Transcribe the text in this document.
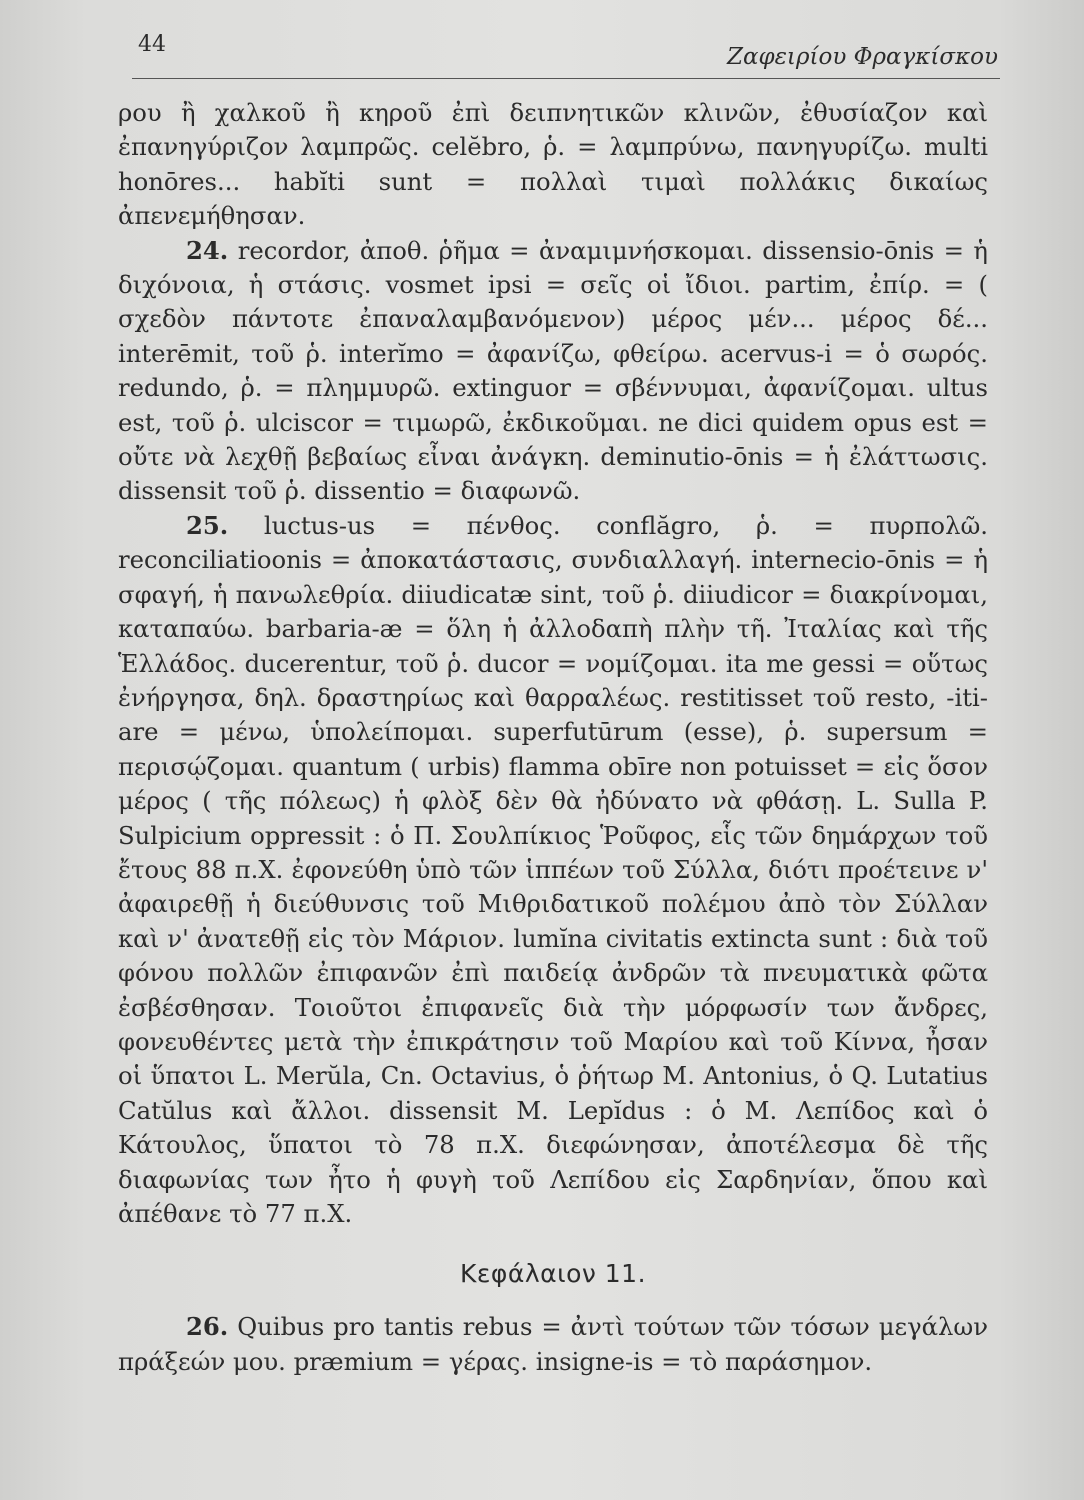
44	Ζαφειρίου Φραγκίσκου

ρου ἢ χαλκοῦ ἢ κηροῦ ἐπὶ δειπνητικῶν κλινῶν, ἐθυσίαζον καὶ ἐπανηγύριζον λαμπρῶς. celĕbro, ῥ. = λαμπρύνω, πανηγυρίζω. multi honōres... habĭti sunt = πολλαὶ τιμαὶ πολλάκις δικαίως ἀπενεμήθησαν.

24. recordor, ἀποθ. ῥῆμα = ἀναμιμνήσκομαι. dissensio-ōnis = ἡ διχόνοια, ἡ στάσις. vosmet ipsi = σεῖς οἱ ἴδιοι. partim, ἐπίρ. = ( σχεδὸν πάντοτε ἐπαναλαμβανόμενον) μέρος μέν... μέρος δέ... interēmit, τοῦ ῥ. interĭmo = ἀφανίζω, φθείρω. acervus-i = ὁ σωρός. redundo, ῥ. = πλημμυρῶ. extinguor = σβέννυμαι, ἀφανίζομαι. ultus est, τοῦ ῥ. ulciscor = τιμωρῶ, ἐκδικοῦμαι. ne dici quidem opus est = οὔτε νὰ λεχθῇ βεβαίως εἶναι ἀνάγκη. deminutio-ōnis = ἡ ἐλάττωσις. dissensit τοῦ ῥ. dissentio = διαφωνῶ.

25. luctus-us = πένθος. conflăgro, ῥ. = πυρπολῶ. reconciliatioonis = ἀποκατάστασις, συνδιαλλαγή. internecio-ōnis = ἡ σφαγή, ἡ πανωλεθρία. diiudicatæ sint, τοῦ ῥ. diiudicor = διακρίνομαι, καταπαύω. barbaria-æ = ὅλη ἡ ἀλλοδαπὴ πλὴν τῆ. Ἰταλίας καὶ τῆς Ἑλλάδος. ducerentur, τοῦ ῥ. ducor = νομίζομαι. ita me gessi = οὕτως ἐνήργησα, δηλ. δραστηρίως καὶ θαρραλέως. restitisset τοῦ resto, -iti-are = μένω, ὑπολείπομαι. superfutūrum (esse), ῥ. supersum = περισῴζομαι. quantum ( urbis) flamma obīre non potuisset = εἰς ὅσον μέρος ( τῆς πόλεως) ἡ φλὸξ δὲν θὰ ἠδύνατο νὰ φθάσῃ. L. Sulla P. Sulpicium oppressit : ὁ Π. Σουλπίκιος Ῥοῦφος, εἷς τῶν δημάρχων τοῦ ἔτους 88 π.Χ. ἐφονεύθη ὑπὸ τῶν ἱππέων τοῦ Σύλλα, διότι προέτεινε ν' ἀφαιρεθῇ ἡ διεύθυνσις τοῦ Μιθριδατικοῦ πολέμου ἀπὸ τὸν Σύλλαν καὶ ν' ἀνατεθῇ εἰς τὸν Μάριον. lumĭna civitatis extincta sunt : διὰ τοῦ φόνου πολλῶν ἐπιφανῶν ἐπὶ παιδείᾳ ἀνδρῶν τὰ πνευματικὰ φῶτα ἐσβέσθησαν. Τοιοῦτοι ἐπιφανεῖς διὰ τὴν μόρφωσίν των ἄνδρες, φονευθέντες μετὰ τὴν ἐπικράτησιν τοῦ Μαρίου καὶ τοῦ Κίννα, ἦσαν οἱ ὕπατοι L. Merŭla, Cn. Octavius, ὁ ῥήτωρ M. Antonius, ὁ Q. Lutatius Catŭlus καὶ ἄλλοι. dissensit M. Lepĭdus : ὁ Μ. Λεπίδος καὶ ὁ Κάτουλος, ὕπατοι τὸ 78 π.Χ. διεφώνησαν, ἀποτέλεσμα δὲ τῆς διαφωνίας των ἦτο ἡ φυγὴ τοῦ Λεπίδου εἰς Σαρδηνίαν, ὅπου καὶ ἀπέθανε τὸ 77 π.Χ.

Κεφάλαιον 11.

26. Quibus pro tantis rebus = ἀντὶ τούτων τῶν τόσων μεγάλων πράξεών μου. præmium = γέρας. insigne-is = τὸ παράσημον.
